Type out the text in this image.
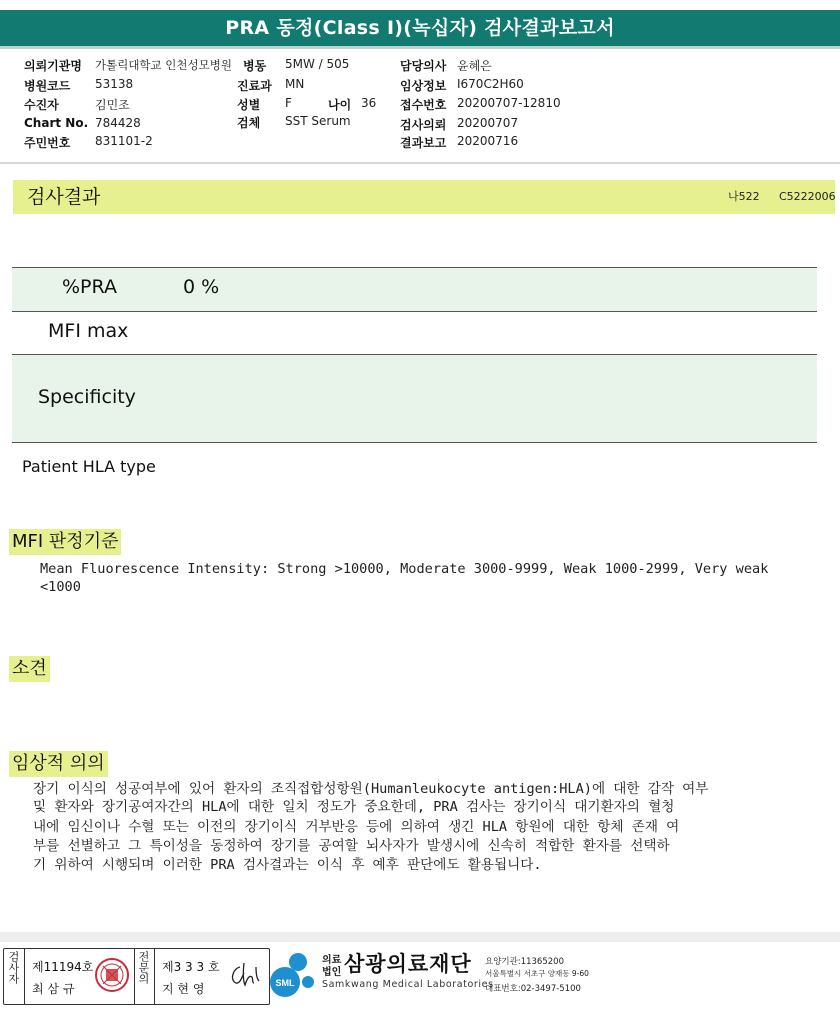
PRA 동정(Class I)(녹십자) 검사결과보고서
의뢰기관명 가톨릭대학교 인천성모병원 병동 5MW / 505	담당의사 윤혜은
병원코드 53138	진료과 MN	임상정보 I670C2H60
수진자	김민조	성별 F	나이 36 접수번호 20200707-12810
Chart No. 784428	검체 SST Serum	검사의뢰 20200707
주민번호 831101-2	결과보고 20200716
검사결과	나522 C5222006
%PRA	0 %
MFI max
Specificity
Patient HLA type
MFI 판정기준
Mean Fluorescence Intensity: Strong >10000, Moderate 3000-9999, Weak 1000-2999, Very weak
<1000
소견
임상적 의의
장기 이식의 성공여부에 있어 환자의 조직접합성항원(Humanleukocyte antigen:HLA)에 대한 감작 여부
및 환자와 장기공여자간의 HLA에 대한 일치 정도가 중요한데, PRA 검사는 장기이식 대기환자의 혈청
내에 임신이나 수혈 또는 이전의 장기이식 거부반응 등에 의하여 생긴 HLA 항원에 대한 항체 존재 여
부를 선별하고 그 특이성을 동정하여 장기를 공여할 뇌사자가 발생시에 신속히 적합한 환자를 선택하
기 위하여 시행되며 이러한 PRA 검사결과는 이식 후 예후 판단에도 활용됩니다.
검사자 제11194호
최 삼 규
전문의 제3 3 3 호
지 현 영	SML
의료
법인 삼광의료재단
Samkwang Medical Laboratories
요양기관:11365200
서울특별시 서초구 양재동 9-60
대표번호:02-3497-5100
